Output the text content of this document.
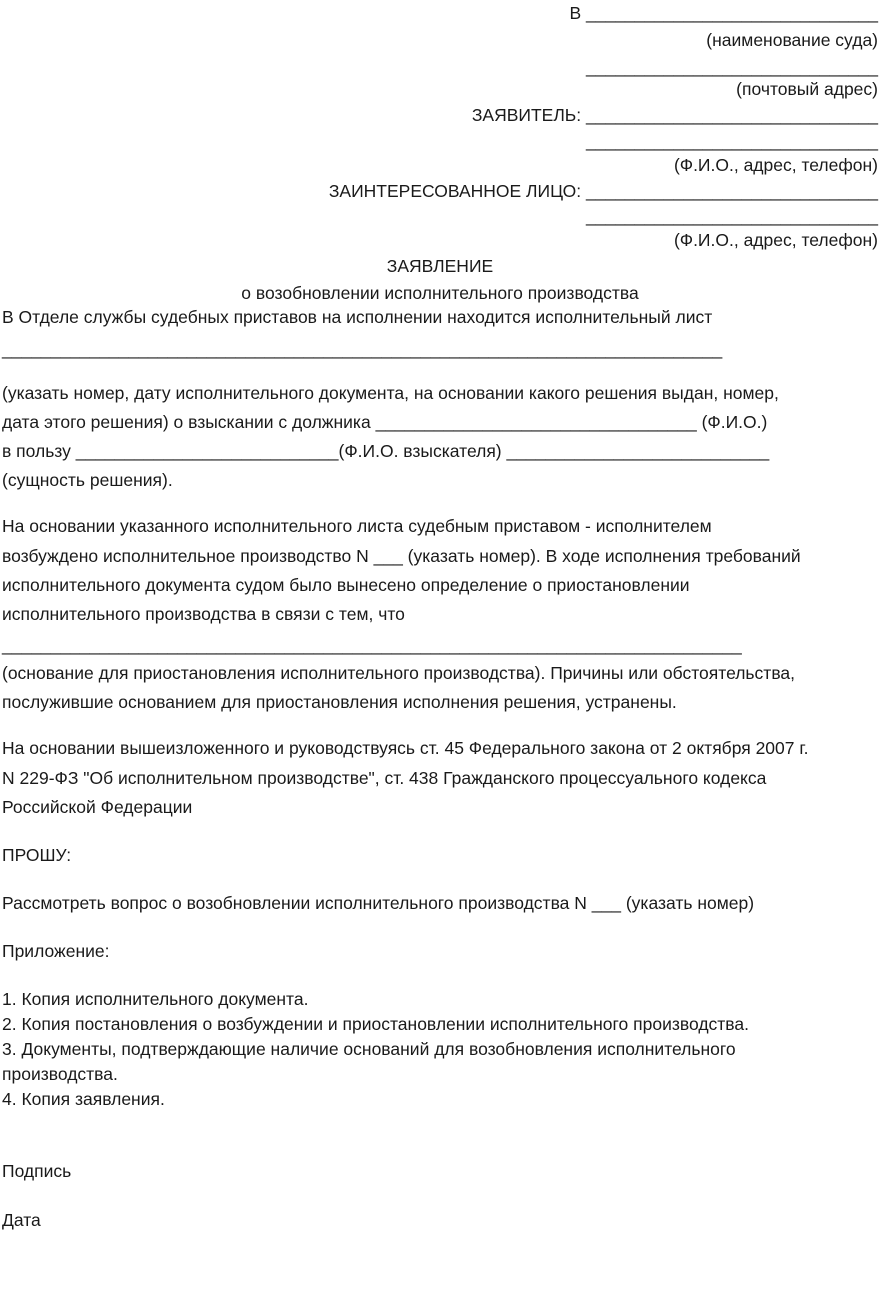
В ______________________________
(наименование суда)
______________________________
(почтовый адрес)
ЗАЯВИТЕЛЬ: ______________________________
______________________________
(Ф.И.О., адрес, телефон)
ЗАИНТЕРЕСОВАННОЕ ЛИЦО: ______________________________
______________________________
(Ф.И.О., адрес, телефон)
ЗАЯВЛЕНИЕ
о возобновлении исполнительного производства
В Отделе службы судебных приставов на исполнении находится исполнительный лист
__________________________________________________________________________
(указать номер, дату исполнительного документа, на основании какого решения выдан, номер,
дата этого решения) о взыскании с должника _________________________________ (Ф.И.О.)
в пользу ___________________________(Ф.И.О. взыскателя) ___________________________
(сущность решения).
На основании указанного исполнительного листа судебным приставом - исполнителем
возбуждено исполнительное производство N ___ (указать номер). В ходе исполнения требований
исполнительного документа судом было вынесено определение о приостановлении
исполнительного производства в связи с тем, что
____________________________________________________________________________
(основание для приостановления исполнительного производства). Причины или обстоятельства,
послужившие основанием для приостановления исполнения решения, устранены.
На основании вышеизложенного и руководствуясь ст. 45 Федерального закона от 2 октября 2007 г.
N 229-ФЗ "Об исполнительном производстве", ст. 438 Гражданского процессуального кодекса
Российской Федерации
ПРОШУ:
Рассмотреть вопрос о возобновлении исполнительного производства N ___ (указать номер)
Приложение:
1. Копия исполнительного документа.
2. Копия постановления о возбуждении и приостановлении исполнительного производства.
3. Документы, подтверждающие наличие оснований для возобновления исполнительного
производства.
4. Копия заявления.
Подпись
Дата
